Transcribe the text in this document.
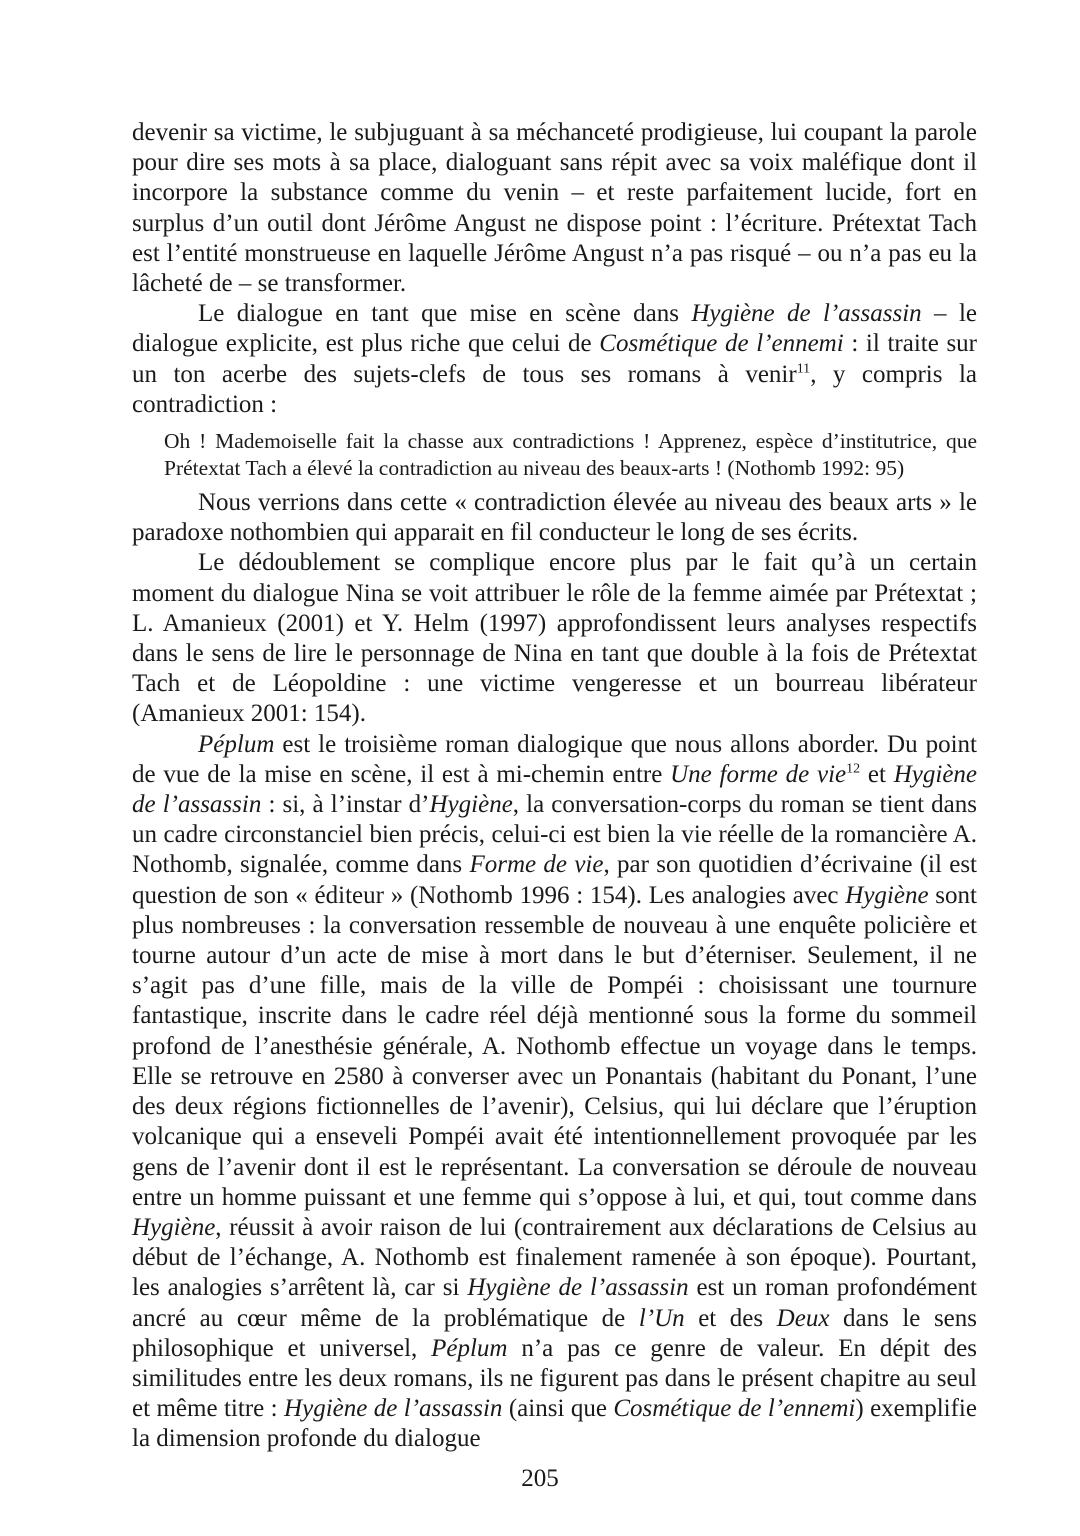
devenir sa victime, le subjuguant à sa méchanceté prodigieuse, lui coupant la parole pour dire ses mots à sa place, dialoguant sans répit avec sa voix maléfique dont il incorpore la substance comme du venin – et reste parfaitement lucide, fort en surplus d’un outil dont Jérôme Angust ne dispose point : l’écriture. Prétextat Tach est l’entité monstrueuse en laquelle Jérôme Angust n’a pas risqué – ou n’a pas eu la lâcheté de – se transformer.

Le dialogue en tant que mise en scène dans Hygiène de l’assassin – le dialogue explicite, est plus riche que celui de Cosmétique de l’ennemi : il traite sur un ton acerbe des sujets-clefs de tous ses romans à venir$^{11}$, y compris la contradiction :

Oh ! Mademoiselle fait la chasse aux contradictions ! Apprenez, espèce d’institutrice, que Prétextat Tach a élevé la contradiction au niveau des beaux-arts ! (Nothomb 1992: 95)

Nous verrions dans cette « contradiction élevée au niveau des beaux arts » le paradoxe nothombien qui apparait en fil conducteur le long de ses écrits.

Le dédoublement se complique encore plus par le fait qu’à un certain moment du dialogue Nina se voit attribuer le rôle de la femme aimée par Prétextat ; L. Amanieux (2001) et Y. Helm (1997) approfondissent leurs analyses respectifs dans le sens de lire le personnage de Nina en tant que double à la fois de Prétextat Tach et de Léopoldine : une victime vengeresse et un bourreau libérateur (Amanieux 2001: 154).

Péplum est le troisième roman dialogique que nous allons aborder. Du point de vue de la mise en scène, il est à mi-chemin entre Une forme de vie$^{12}$ et Hygiène de l’assassin : si, à l’instar d’Hygiène, la conversation-corps du roman se tient dans un cadre circonstanciel bien précis, celui-ci est bien la vie réelle de la romancière A. Nothomb, signalée, comme dans Forme de vie, par son quotidien d’écrivaine (il est question de son « éditeur » (Nothomb 1996 : 154). Les analogies avec Hygiène sont plus nombreuses : la conversation ressemble de nouveau à une enquête policière et tourne autour d’un acte de mise à mort dans le but d’éterniser. Seulement, il ne s’agit pas d’une fille, mais de la ville de Pompéi : choisissant une tournure fantastique, inscrite dans le cadre réel déjà mentionné sous la forme du sommeil profond de l’anesthésie générale, A. Nothomb effectue un voyage dans le temps. Elle se retrouve en 2580 à converser avec un Ponantais (habitant du Ponant, l’une des deux régions fictionnelles de l’avenir), Celsius, qui lui déclare que l’éruption volcanique qui a enseveli Pompéi avait été intentionnellement provoquée par les gens de l’avenir dont il est le représentant. La conversation se déroule de nouveau entre un homme puissant et une femme qui s’oppose à lui, et qui, tout comme dans Hygiène, réussit à avoir raison de lui (contrairement aux déclarations de Celsius au début de l’échange, A. Nothomb est finalement ramenée à son époque). Pourtant, les analogies s’arrêtent là, car si Hygiène de l’assassin est un roman profondément ancré au cœur même de la problématique de l’Un et des Deux dans le sens philosophique et universel, Péplum n’a pas ce genre de valeur. En dépit des similitudes entre les deux romans, ils ne figurent pas dans le présent chapitre au seul et même titre : Hygiène de l’assassin (ainsi que Cosmétique de l’ennemi) exemplifie la dimension profonde du dialogue

205
